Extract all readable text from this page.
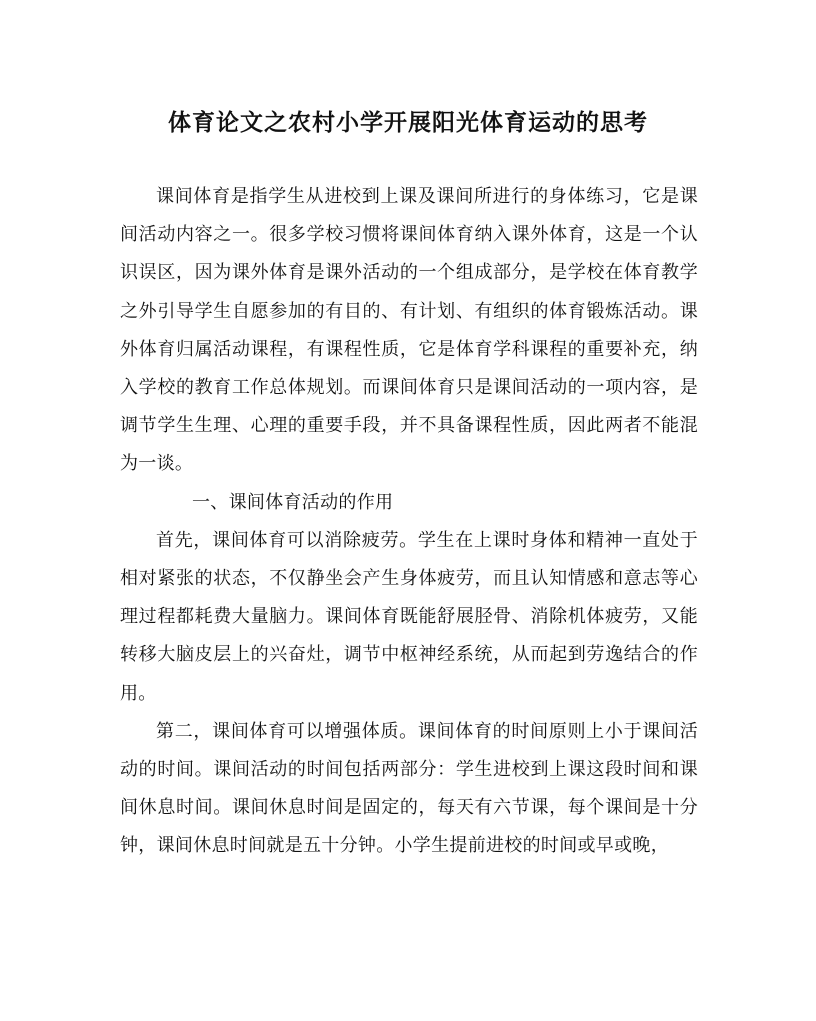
体育论文之农村小学开展阳光体育运动的思考

课间体育是指学生从进校到上课及课间所进行的身体练习，它是课间活动内容之一。很多学校习惯将课间体育纳入课外体育，这是一个认识误区，因为课外体育是课外活动的一个组成部分，是学校在体育教学之外引导学生自愿参加的有目的、有计划、有组织的体育锻炼活动。课外体育归属活动课程，有课程性质，它是体育学科课程的重要补充，纳入学校的教育工作总体规划。而课间体育只是课间活动的一项内容，是调节学生生理、心理的重要手段，并不具备课程性质，因此两者不能混为一谈。

一、课间体育活动的作用

首先，课间体育可以消除疲劳。学生在上课时身体和精神一直处于相对紧张的状态，不仅静坐会产生身体疲劳，而且认知情感和意志等心理过程都耗费大量脑力。课间体育既能舒展胫骨、消除机体疲劳，又能转移大脑皮层上的兴奋灶，调节中枢神经系统，从而起到劳逸结合的作用。

第二，课间体育可以增强体质。课间体育的时间原则上小于课间活动的时间。课间活动的时间包括两部分：学生进校到上课这段时间和课间休息时间。课间休息时间是固定的，每天有六节课，每个课间是十分钟，课间休息时间就是五十分钟。小学生提前进校的时间或早或晚，
